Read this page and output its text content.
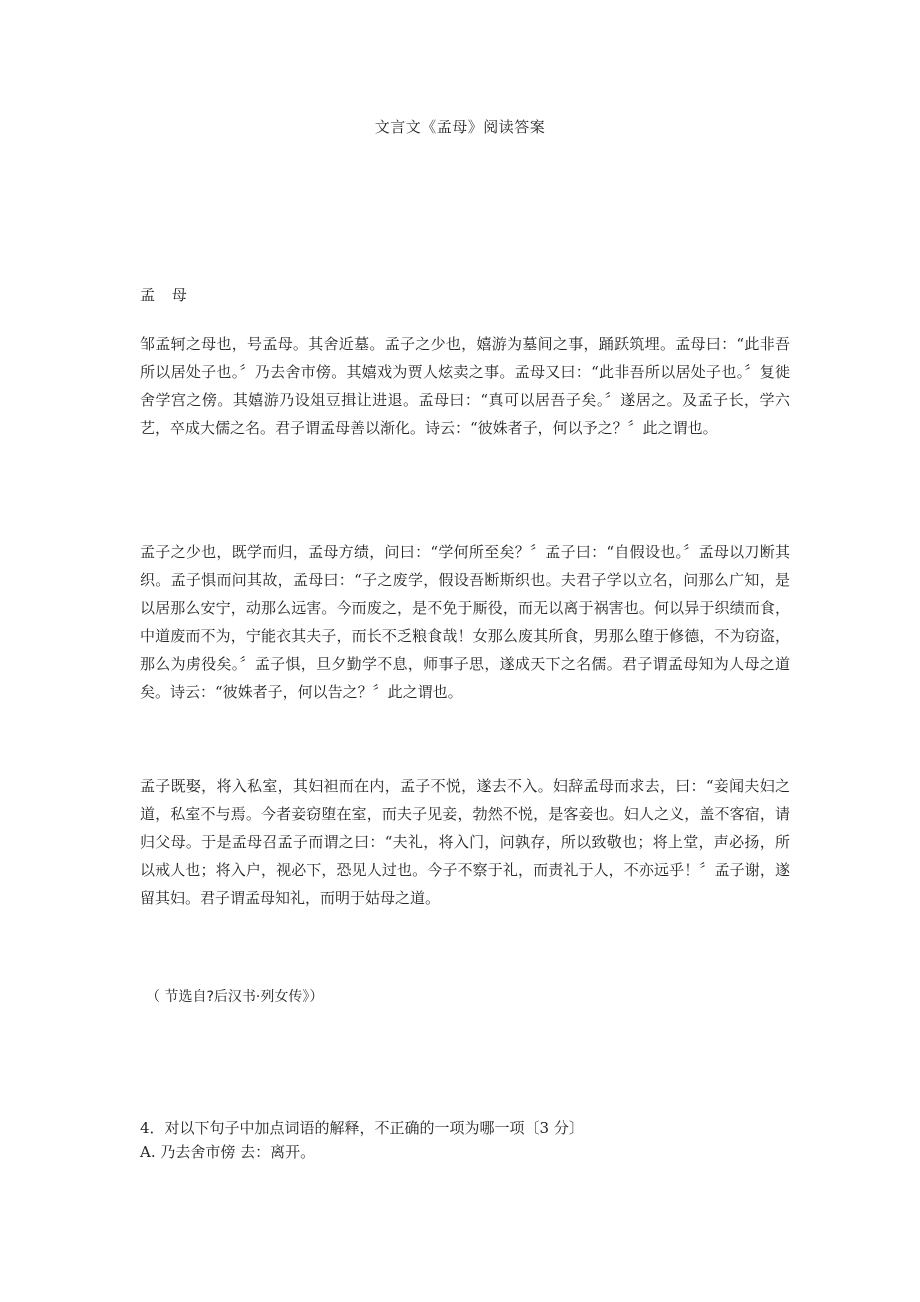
文言文《孟母》阅读答案
孟 母

邹孟轲之母也，号孟母。其舍近墓。孟子之少也，嬉游为墓间之事，踊跃筑埋。孟母曰：“此非吾所以居处子也。〞乃去舍市傍。其嬉戏为贾人炫卖之事。孟母又曰：“此非吾所以居处子也。〞复徙舍学宫之傍。其嬉游乃设俎豆揖让进退。孟母曰：“真可以居吾子矣。〞遂居之。及孟子长，学六艺，卒成大儒之名。君子谓孟母善以渐化。诗云：“彼姝者子，何以予之？〞此之谓也。

孟子之少也，既学而归，孟母方绩，问曰：“学何所至矣？〞孟子曰：“自假设也。〞孟母以刀断其织。孟子惧而问其故，孟母曰：“子之废学，假设吾断斯织也。夫君子学以立名，问那么广知，是以居那么安宁，动那么远害。今而废之，是不免于厮役，而无以离于祸害也。何以异于织绩而食，中道废而不为，宁能衣其夫子，而长不乏粮食哉！女那么废其所食，男那么堕于修德，不为窃盗，那么为虏役矣。〞孟子惧，旦夕勤学不息，师事子思，遂成天下之名儒。君子谓孟母知为人母之道矣。诗云：“彼姝者子，何以告之？〞此之谓也。

孟子既娶，将入私室，其妇袒而在内，孟子不悦，遂去不入。妇辞孟母而求去，曰：“妾闻夫妇之道，私室不与焉。今者妾窃堕在室，而夫子见妾，勃然不悦，是客妾也。妇人之义，盖不客宿，请归父母。于是孟母召孟子而谓之曰：“夫礼，将入门，问孰存，所以致敬也；将上堂，声必扬，所以戒人也；将入户，视必下，恐见人过也。今子不察于礼，而责礼于人，不亦远乎！〞孟子谢，遂留其妇。君子谓孟母知礼，而明于姑母之道。

（ 节选自?后汉书·列女传》）
4．对以下句子中加点词语的解释，不正确的一项为哪一项〔3 分〕
A. 乃去舍市傍 去：离开。
